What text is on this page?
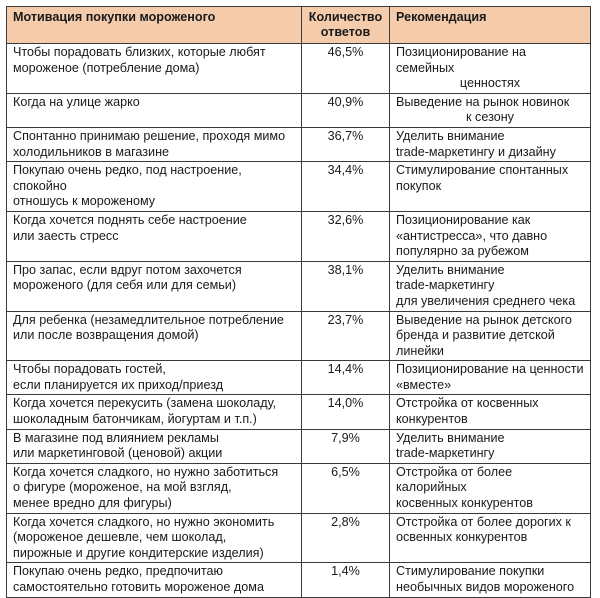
Мотивация покупки мороженого	Количество ответов	Рекомендация

Чтобы порадовать близких, которые любят
мороженое (потребление дома)	46,5%	Позиционирование на семейных
ценностях

Когда на улице жарко	40,9%	Выведение на рынок новинок
к сезону

Спонтанно принимаю решение, проходя мимо
холодильников в магазине	36,7%	Уделить внимание
trade-маркетингу и дизайну

Покупаю очень редко, под настроение, спокойно
отношусь к мороженому	34,4%	Стимулирование спонтанных
покупок

Когда хочется поднять себе настроение
или заесть стресс	32,6%	Позиционирование как
«антистресса», что давно
популярно за рубежом

Про запас, если вдруг потом захочется
мороженого (для себя или для семьи)	38,1%	Уделить внимание
trade-маркетингу
для увеличения среднего чека

Для ребенка (незамедлительное потребление
или после возвращения домой)	23,7%	Выведение на рынок детского
бренда и развитие детской
линейки

Чтобы порадовать гостей,
если планируется их приход/приезд	14,4%	Позиционирование на ценности
«вместе»

Когда хочется перекусить (замена шоколаду,
шоколадным батончикам, йогуртам и т.п.)	14,0%	Отстройка от косвенных
конкурентов

В магазине под влиянием рекламы
или маркетинговой (ценовой) акции	7,9%	Уделить внимание
trade-маркетингу

Когда хочется сладкого, но нужно заботиться
о фигуре (мороженое, на мой взгляд,
менее вредно для фигуры)	6,5%	Отстройка от более калорийных
косвенных конкурентов

Когда хочется сладкого, но нужно экономить
(мороженое дешевле, чем шоколад,
пирожные и другие кондитерские изделия)	2,8%	Отстройка от более дорогих к
освенных конкурентов

Покупаю очень редко, предпочитаю
самостоятельно готовить мороженое дома	1,4%	Стимулирование покупки
необычных видов мороженого
